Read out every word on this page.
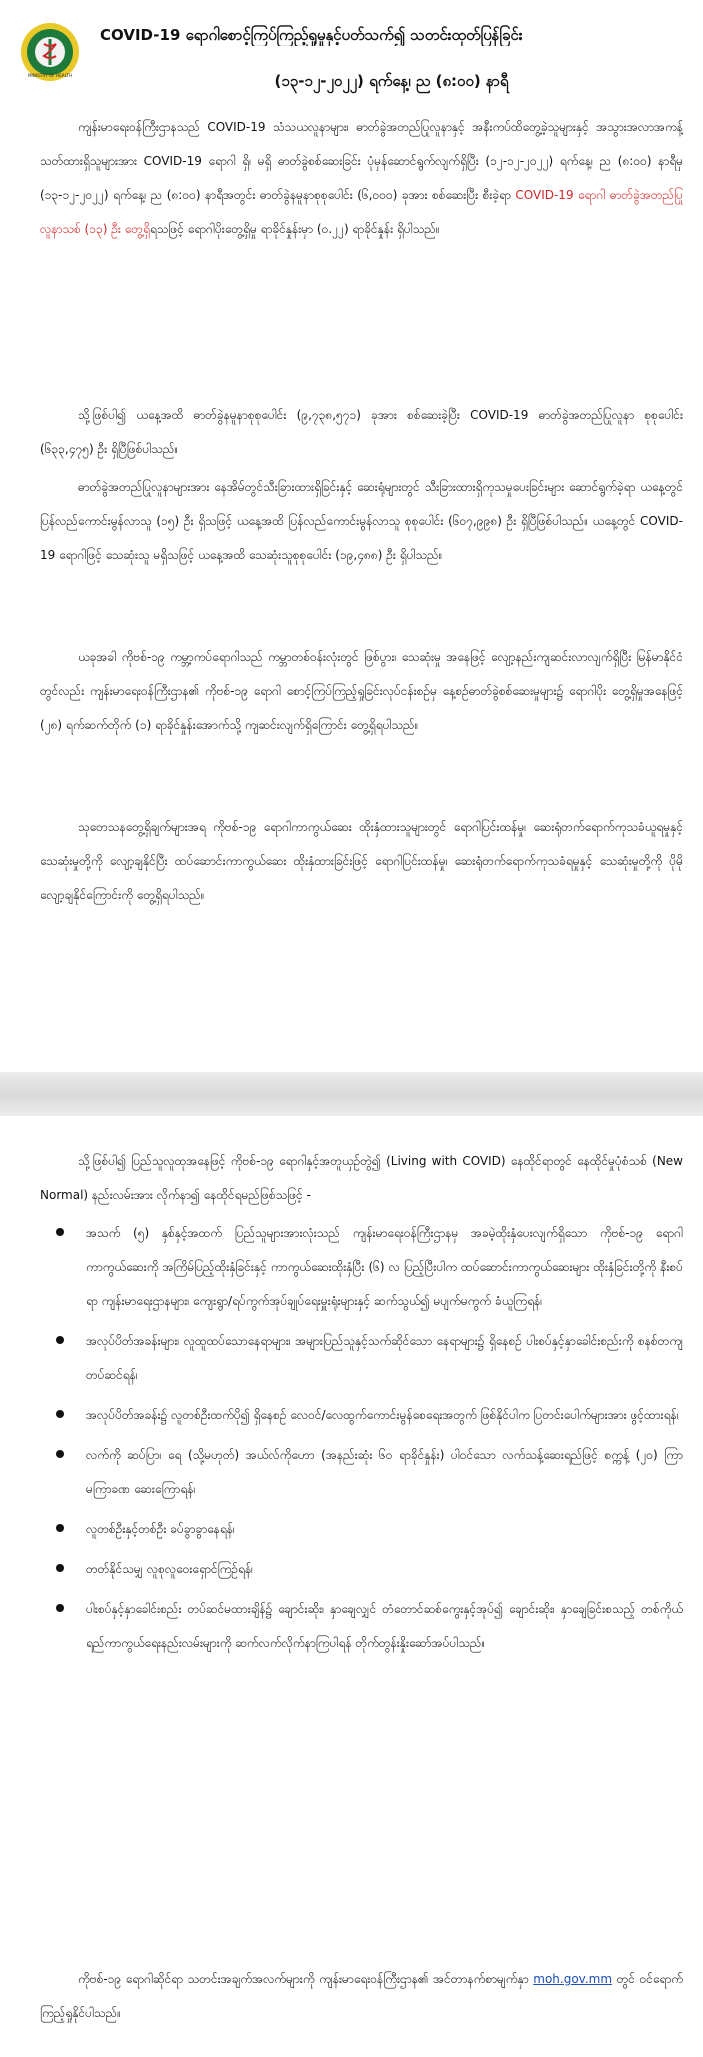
MINISTRY OF HEALTH
COVID-19 ရောဂါစောင့်ကြပ်ကြည့်ရှုမှုနှင့်ပတ်သက်၍ သတင်းထုတ်ပြန်ခြင်း
(၁၃-၁၂-၂၀၂၂) ရက်နေ့၊ ည (၈:၀၀) နာရီ

ကျန်းမာရေးဝန်ကြီးဌာနသည် COVID-19 သံသယလူနာများ၊ ဓာတ်ခွဲအတည်ပြုလူနာနှင့် အနီးကပ်ထိတွေ့ခဲ့သူများနှင့် အသွားအလာအကန့်သတ်ထားရှိသူများအား COVID-19 ရောဂါ ရှိ၊ မရှိ ဓာတ်ခွဲစစ်ဆေးခြင်း ပုံမှန်ဆောင်ရွက်လျက်ရှိပြီး (၁၂-၁၂-၂၀၂၂) ရက်နေ့၊ ည (၈:၀၀) နာရီမှ (၁၃-၁၂-၂၀၂၂) ရက်နေ့၊ ည (၈:၀၀) နာရီအတွင်း ဓာတ်ခွဲနမူနာစုစုပေါင်း (၆,၀၀၀) ခုအား စစ်ဆေးပြီး စီးခဲ့ရာ COVID-19 ရောဂါ ဓာတ်ခွဲအတည်ပြုလူနာသစ် (၁၃) ဦး တွေ့ရှိရသဖြင့် ရောဂါပိုးတွေ့ရှိမှု ရာခိုင်နှုန်းမှာ (၀.၂၂) ရာခိုင်နှုန်း ရှိပါသည်။

သို့ဖြစ်ပါ၍ ယနေ့အထိ ဓာတ်ခွဲနမူနာစုစုပေါင်း (၉,၇၃၈,၅၇၁) ခုအား စစ်ဆေးခဲ့ပြီး COVID-19 ဓာတ်ခွဲအတည်ပြုလူနာ စုစုပေါင်း (၆၃၃,၄၇၅) ဦး ရှိပြီဖြစ်ပါသည်။

ဓာတ်ခွဲအတည်ပြုလူနာများအား နေအိမ်တွင်သီးခြားထားရှိခြင်းနှင့် ဆေးရုံများတွင် သီးခြားထားရှိကုသမှုပေးခြင်းများ ဆောင်ရွက်ခဲ့ရာ ယနေ့တွင် ပြန်လည်ကောင်းမွန်လာသူ (၁၅) ဦး ရှိသဖြင့် ယနေ့အထိ ပြန်လည်ကောင်းမွန်လာသူ စုစုပေါင်း (၆၀၇,၉၉၈) ဦး ရှိပြီဖြစ်ပါသည်။ ယနေ့တွင် COVID-19 ရောဂါဖြင့် သေဆုံးသူ မရှိသဖြင့် ယနေ့အထိ သေဆုံးသူစုစုပေါင်း (၁၉,၄၈၈) ဦး ရှိပါသည်။

ယခုအခါ ကိုဗစ်-၁၉ ကမ္ဘာ့ကပ်ရောဂါသည် ကမ္ဘာတစ်ဝန်းလုံးတွင် ဖြစ်ပွား၊ သေဆုံးမှု အနေဖြင့် လျော့နည်းကျဆင်းလာလျက်ရှိပြီး မြန်မာနိုင်ငံတွင်လည်း ကျန်းမာရေးဝန်ကြီးဌာန၏ ကိုဗစ်-၁၉ ရောဂါ စောင့်ကြပ်ကြည့်ရှုခြင်းလုပ်ငန်းစဉ်မှ နေ့စဉ်ဓာတ်ခွဲစစ်ဆေးမှုများ၌ ရောဂါပိုး တွေ့ရှိမှုအနေဖြင့် (၂၈) ရက်ဆက်တိုက် (၁) ရာခိုင်နှုန်းအောက်သို့ ကျဆင်းလျက်ရှိကြောင်း တွေ့ရှိရပါသည်။

သုတေသနတွေ့ရှိချက်များအရ ကိုဗစ်-၁၉ ရောဂါကာကွယ်ဆေး ထိုးနှံထားသူများတွင် ရောဂါပြင်းထန်မှု၊ ဆေးရုံတက်ရောက်ကုသခံယူရမှုနှင့် သေဆုံးမှုတို့ကို လျော့ချနိုင်ပြီး ထပ်ဆောင်းကာကွယ်ဆေး ထိုးနှံထားခြင်းဖြင့် ရောဂါပြင်းထန်မှု၊ ဆေးရုံတက်ရောက်ကုသခံရမှုနှင့် သေဆုံးမှုတို့ကို ပိုမိုလျော့ချနိုင်ကြောင်းကို တွေ့ရှိရပါသည်။

သို့ဖြစ်ပါ၍ ပြည်သူလူထုအနေဖြင့် ကိုဗစ်-၁၉ ရောဂါနှင့်အတူယှဉ်တွဲ၍ (Living with COVID) နေထိုင်ရာတွင် နေထိုင်မှုပုံစံသစ် (New Normal) နည်းလမ်းအား လိုက်နာ၍ နေထိုင်ရမည်ဖြစ်သဖြင့် -

အသက် (၅) နှစ်နှင့်အထက် ပြည်သူများအားလုံးသည် ကျန်းမာရေးဝန်ကြီးဌာနမှ အခမဲ့ထိုးနှံပေးလျက်ရှိသော ကိုဗစ်-၁၉ ရောဂါ ကာကွယ်ဆေးကို အကြိမ်ပြည့်ထိုးနှံခြင်းနှင့် ကာကွယ်ဆေးထိုးနှံပြီး (၆) လ ပြည့်ပြီးပါက ထပ်ဆောင်းကာကွယ်ဆေးများ ထိုးနှံခြင်းတို့ကို နီးစပ်ရာ ကျန်းမာရေးဌာနများ၊ ကျေးရွာ/ရပ်ကွက်အုပ်ချုပ်ရေးမှူးရုံးများနှင့် ဆက်သွယ်၍ မပျက်မကွက် ခံယူကြရန်၊
အလုပ်ပိတ်အခန်းများ၊ လူထူထပ်သောနေရာများ၊ အများပြည်သူနှင့်သက်ဆိုင်သော နေရာများ၌ ရှိနေစဉ် ပါးစပ်နှင့်နှာခေါင်းစည်းကို စနစ်တကျတပ်ဆင်ရန်၊
အလုပ်ပိတ်အခန်း၌ လူတစ်ဦးထက်ပို၍ ရှိနေစဉ် လေဝင်/လေထွက်ကောင်းမွန်စေရေးအတွက် ဖြစ်နိုင်ပါက ပြတင်းပေါက်များအား ဖွင့်ထားရန်၊
လက်ကို ဆပ်ပြာ၊ ရေ (သို့မဟုတ်) အယ်လ်ကိုဟော (အနည်းဆုံး ၆၀ ရာခိုင်နှုန်း) ပါဝင်သော လက်သန့်ဆေးရည်ဖြင့် စက္ကန့် (၂၀) ကြာ မကြာခဏ ဆေးကြောရန်၊
လူတစ်ဦးနှင့်တစ်ဦး ခပ်ခွာခွာနေရန်၊
တတ်နိုင်သမျှ လူစုလူဝေးရှောင်ကြဉ်ရန်၊
ပါးစပ်နှင့်နှာခေါင်းစည်း တပ်ဆင်မထားချိန်၌ ချောင်းဆိုး၊ နှာချေလျှင် တံတောင်ဆစ်ကွေးနှင့်အုပ်၍ ချောင်းဆိုး၊ နှာချေခြင်းစသည့် တစ်ကိုယ်ရည်ကာကွယ်ရေးနည်းလမ်းများကို ဆက်လက်လိုက်နာကြပါရန် တိုက်တွန်းနှိုးဆော်အပ်ပါသည်။

ကိုဗစ်-၁၉ ရောဂါဆိုင်ရာ သတင်းအချက်အလက်များကို ကျန်းမာရေးဝန်ကြီးဌာန၏ အင်တာနက်စာမျက်နှာ moh.gov.mm တွင် ဝင်ရောက်ကြည့်ရှုနိုင်ပါသည်။
